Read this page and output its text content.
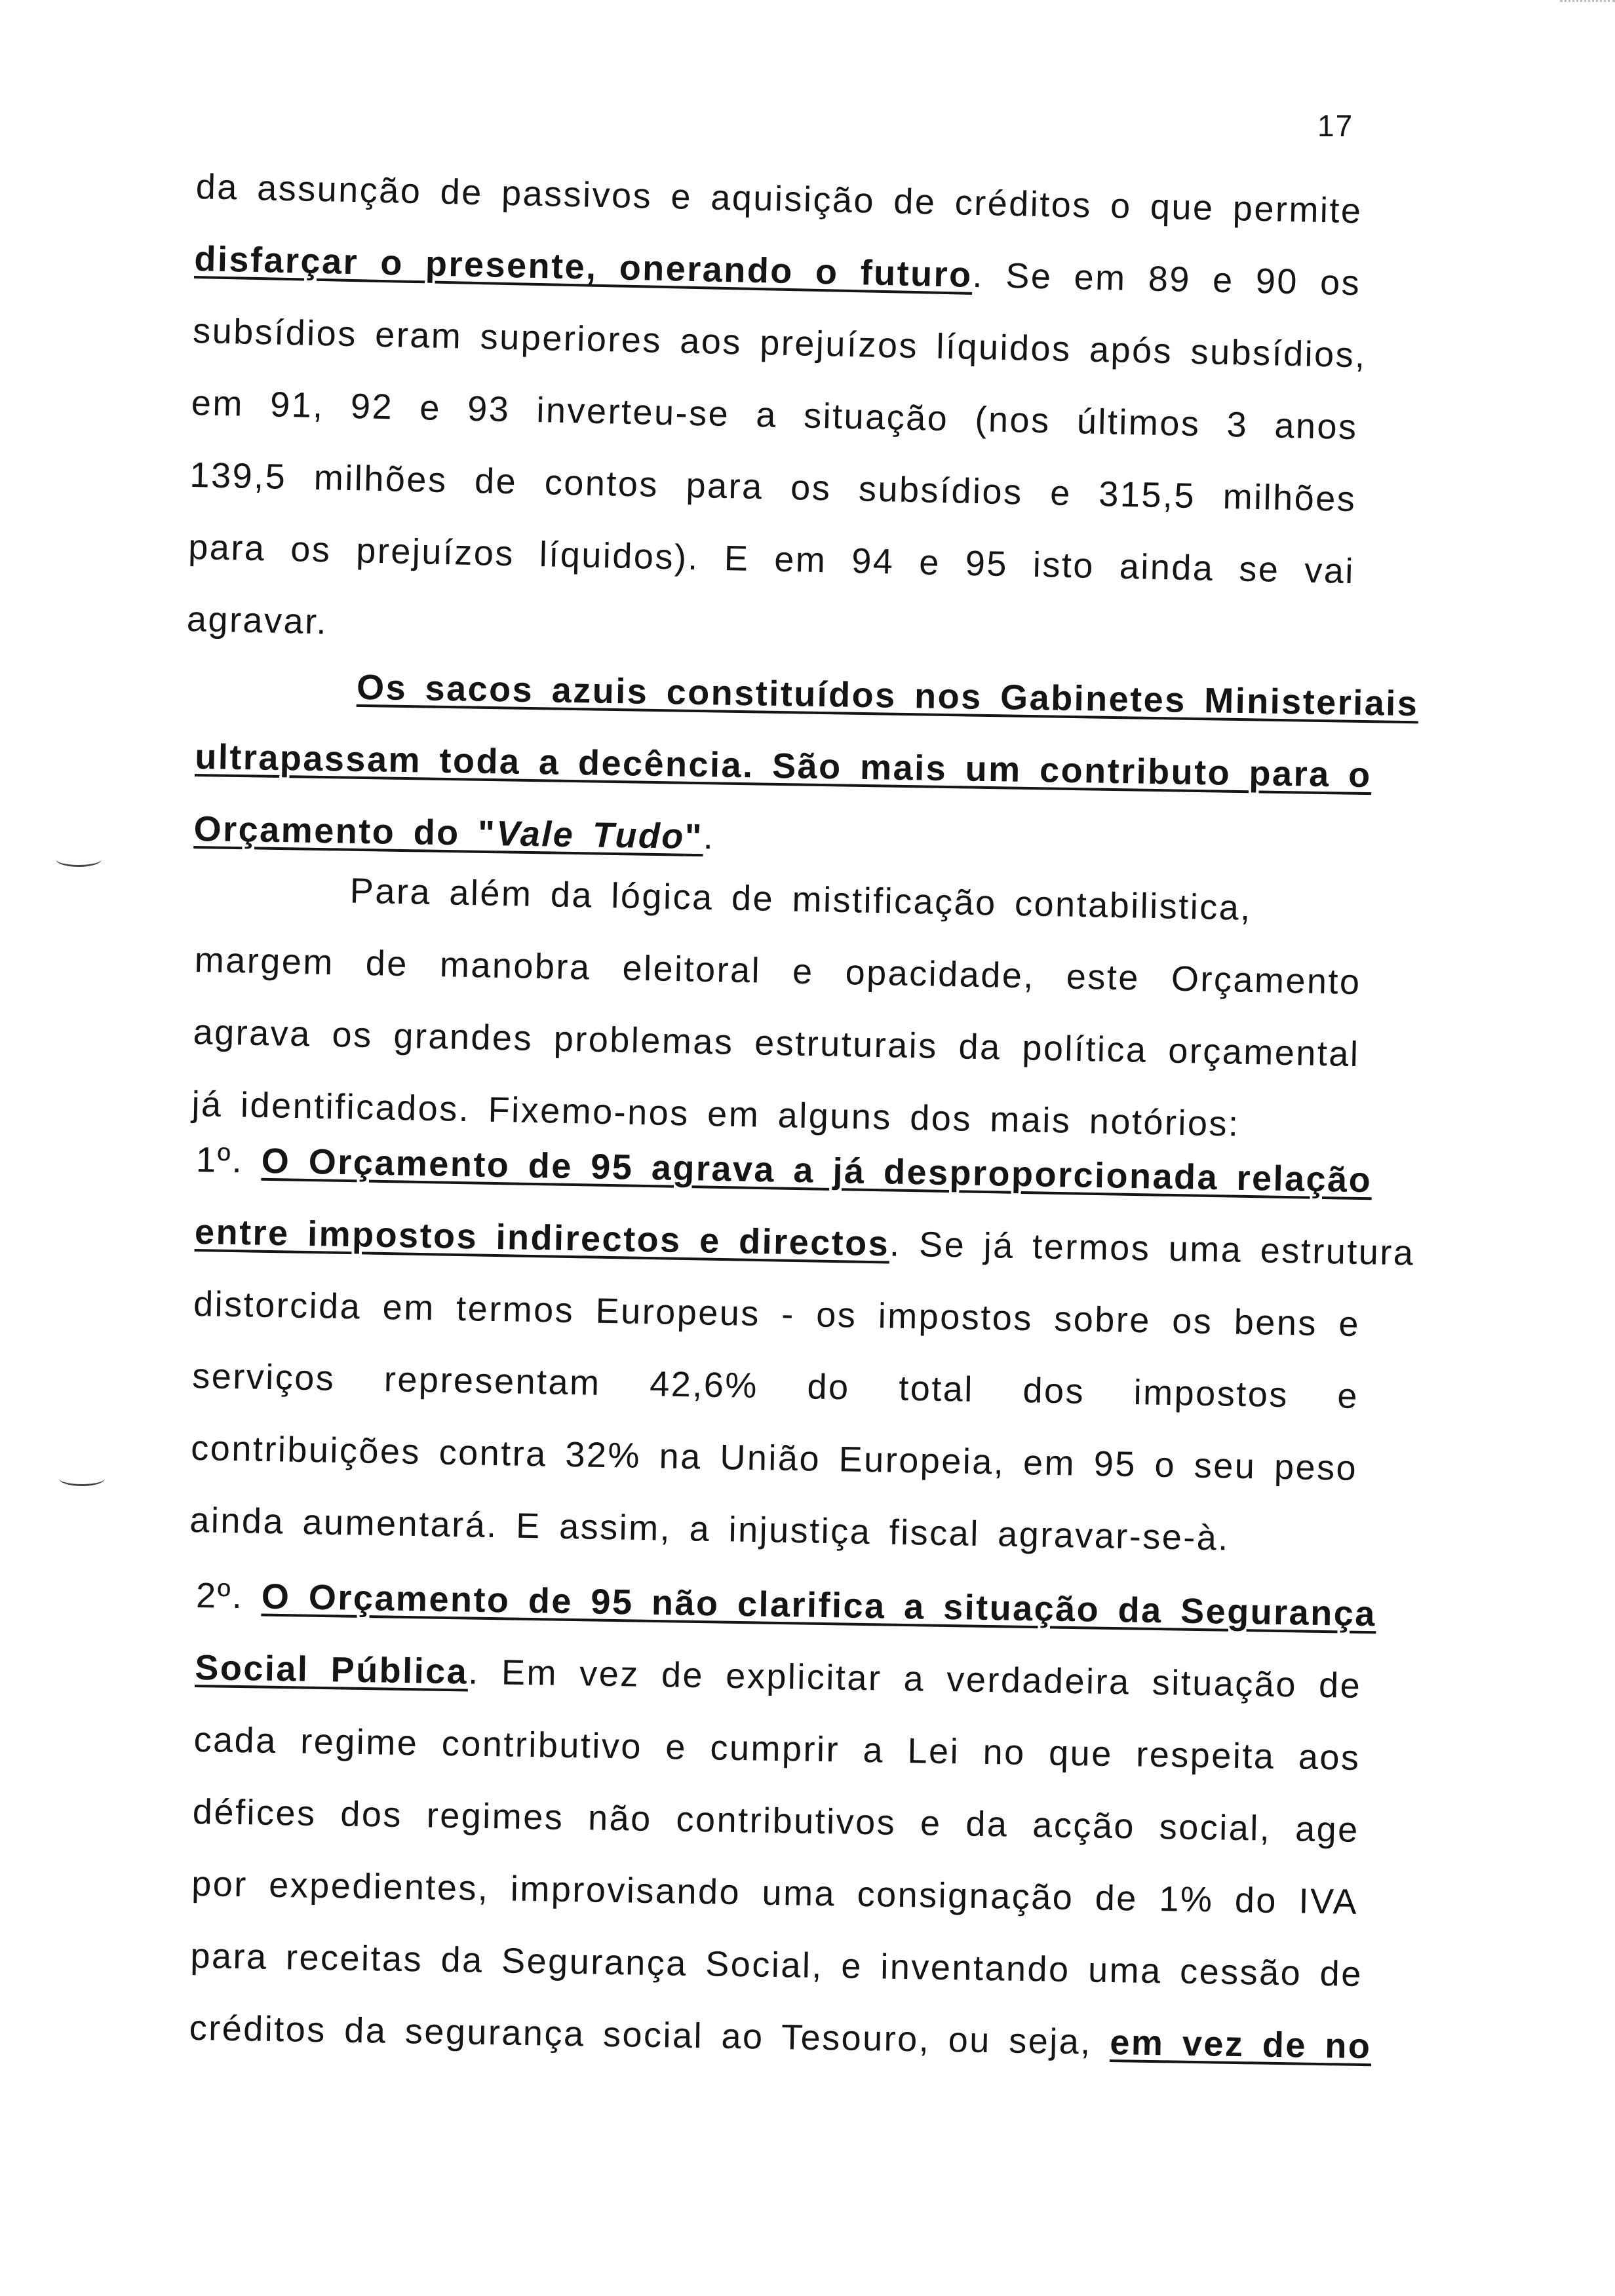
17
da assunção de passivos e aquisição de créditos o que permite
disfarçar o presente, onerando o futuro. Se em 89 e 90 os
subsídios eram superiores aos prejuízos líquidos após subsídios,
em 91, 92 e 93 inverteu-se a situação (nos últimos 3 anos
139,5 milhões de contos para os subsídios e 315,5 milhões
para os prejuízos líquidos). E em 94 e 95 isto ainda se vai
agravar.
Os sacos azuis constituídos nos Gabinetes Ministeriais
ultrapassam toda a decência. São mais um contributo para o
Orçamento do "Vale Tudo".
Para além da lógica de mistificação contabilistica,
margem de manobra eleitoral e opacidade, este Orçamento
agrava os grandes problemas estruturais da política orçamental
já identificados. Fixemo-nos em alguns dos mais notórios:
1º. O Orçamento de 95 agrava a já desproporcionada relação
entre impostos indirectos e directos. Se já termos uma estrutura
distorcida em termos Europeus - os impostos sobre os bens e
serviços representam 42,6% do total dos impostos e
contribuições contra 32% na União Europeia, em 95 o seu peso
ainda aumentará. E assim, a injustiça fiscal agravar-se-à.
2º. O Orçamento de 95 não clarifica a situação da Segurança
Social Pública. Em vez de explicitar a verdadeira situação de
cada regime contributivo e cumprir a Lei no que respeita aos
défices dos regimes não contributivos e da acção social, age
por expedientes, improvisando uma consignação de 1% do IVA
para receitas da Segurança Social, e inventando uma cessão de
créditos da segurança social ao Tesouro, ou seja, em vez de no
